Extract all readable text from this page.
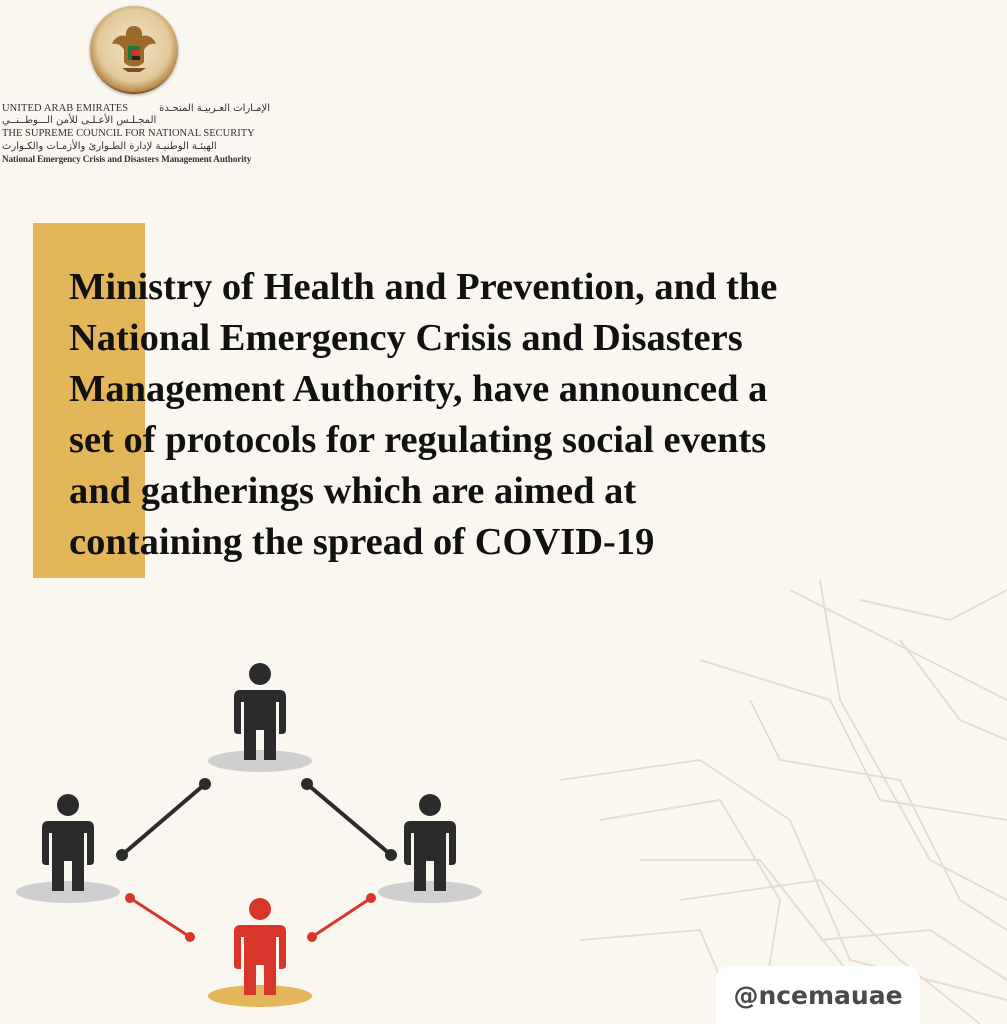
UNITED ARAB EMIRATES	الإمـارات العـربيـة المتحـدة
المجـلـس الأعـلـى للأمن الـــوطــنــي
THE SUPREME COUNCIL FOR NATIONAL SECURITY
الهيئـة الوطنيـة لإدارة الطـوارئ والأزمـات والكـوارث
National Emergency Crisis and Disasters Management Authority
Ministry of Health and Prevention, and the
National Emergency Crisis and Disasters
Management Authority, have announced a
set of protocols for regulating social events
and gatherings which are aimed at
containing the spread of COVID-19
@ncemauae
